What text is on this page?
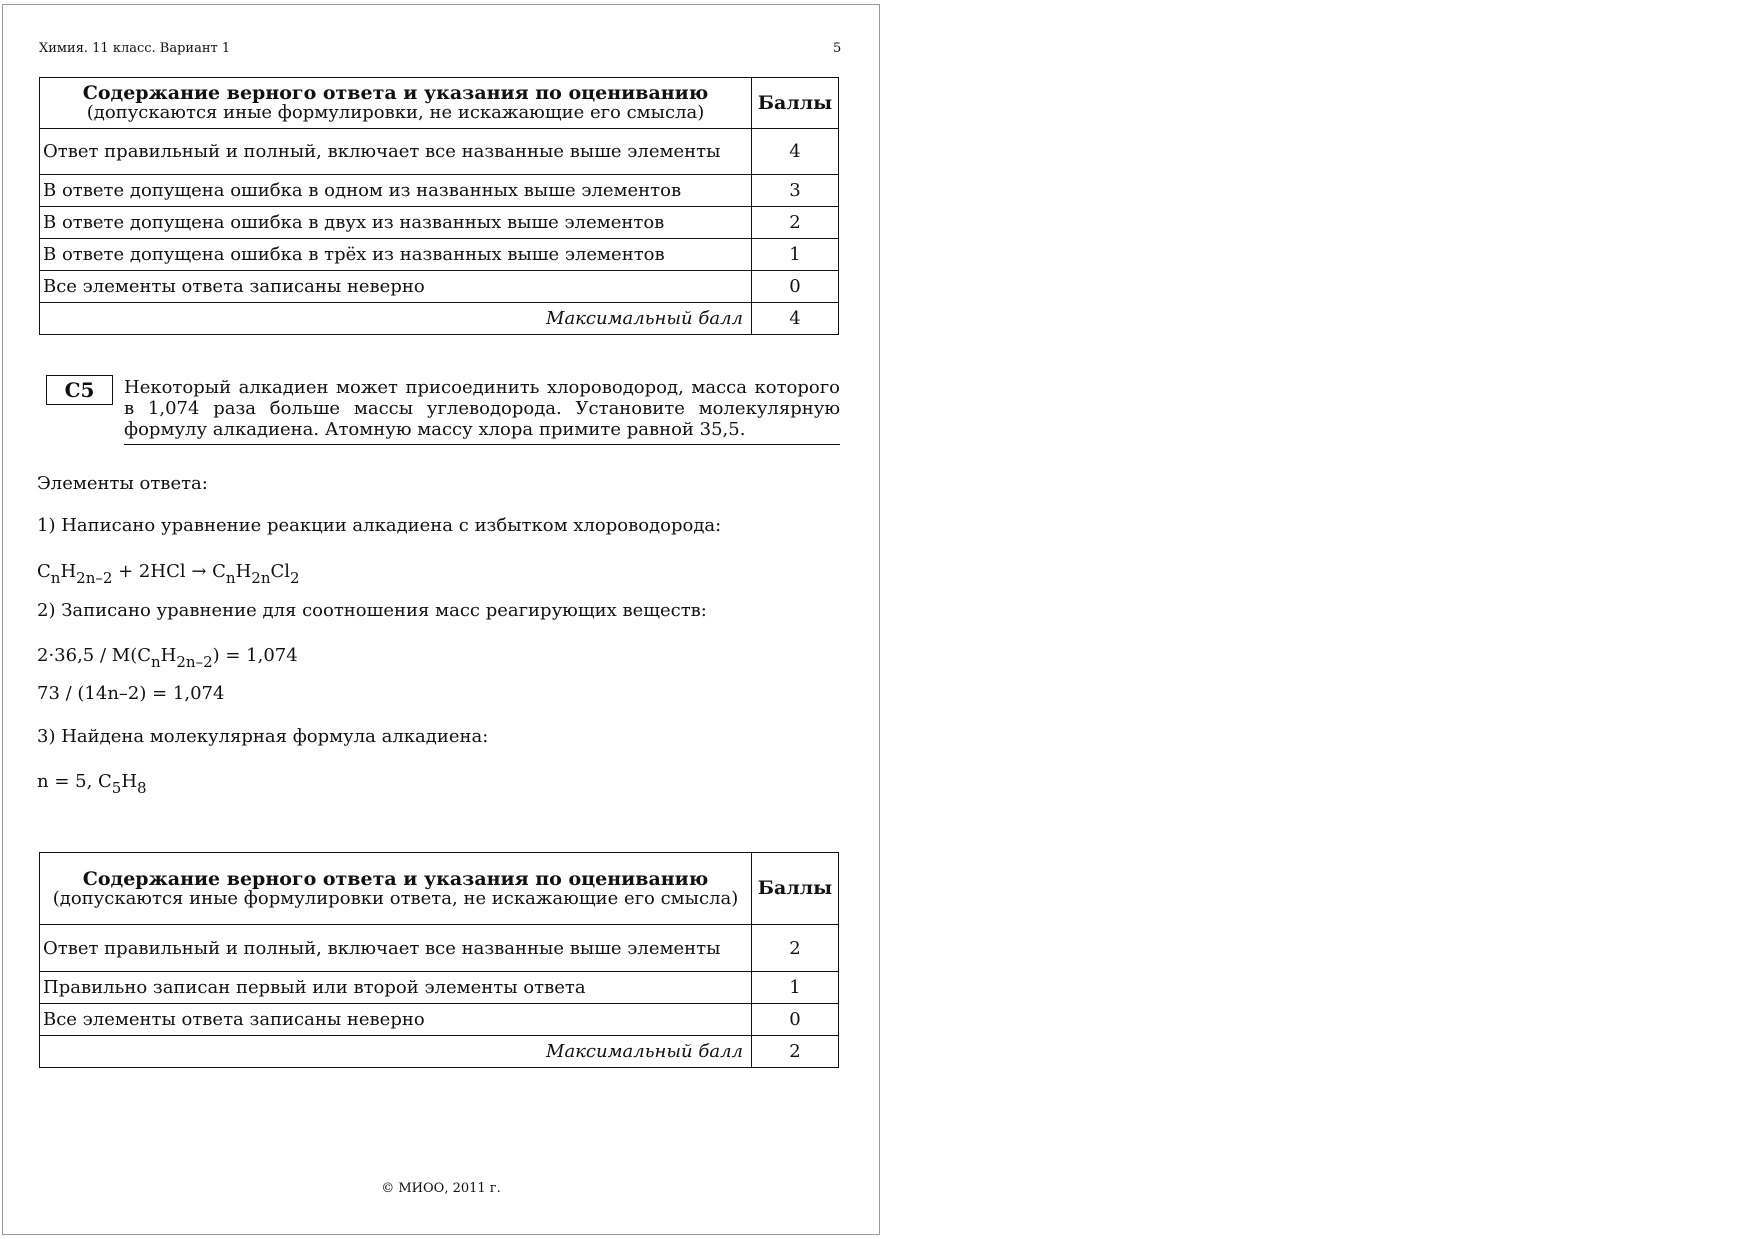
Химия. 11 класс. Вариант 1	5
Содержание верного ответа и указания по оцениванию
(допускаются иные формулировки, не искажающие его смысла)	Баллы
Ответ правильный и полный, включает все названные выше элементы	4
В ответе допущена ошибка в одном из названных выше элементов	3
В ответе допущена ошибка в двух из названных выше элементов	2
В ответе допущена ошибка в трёх из названных выше элементов	1
Все элементы ответа записаны неверно	0
Максимальный балл	4
С5	Некоторый алкадиен может присоединить хлороводород, масса которого в 1,074 раза больше массы углеводорода. Установите молекулярную формулу алкадиена. Атомную массу хлора примите равной 35,5.
Элементы ответа:
1) Написано уравнение реакции алкадиена с избытком хлороводорода:
$C_nH_{2n-2} + 2HCl \to C_nH_{2n}Cl_2$
2) Записано уравнение для соотношения масс реагирующих веществ:
$2\cdot 36,5 / M(C_nH_{2n-2}) = 1,074$
73 / (14n–2) = 1,074
3) Найдена молекулярная формула алкадиена:
n = 5, $C_5H_8$
Содержание верного ответа и указания по оцениванию
(допускаются иные формулировки ответа, не искажающие его смысла)	Баллы
Ответ правильный и полный, включает все названные выше элементы	2
Правильно записан первый или второй элементы ответа	1
Все элементы ответа записаны неверно	0
Максимальный балл	2
© МИОО, 2011 г.
